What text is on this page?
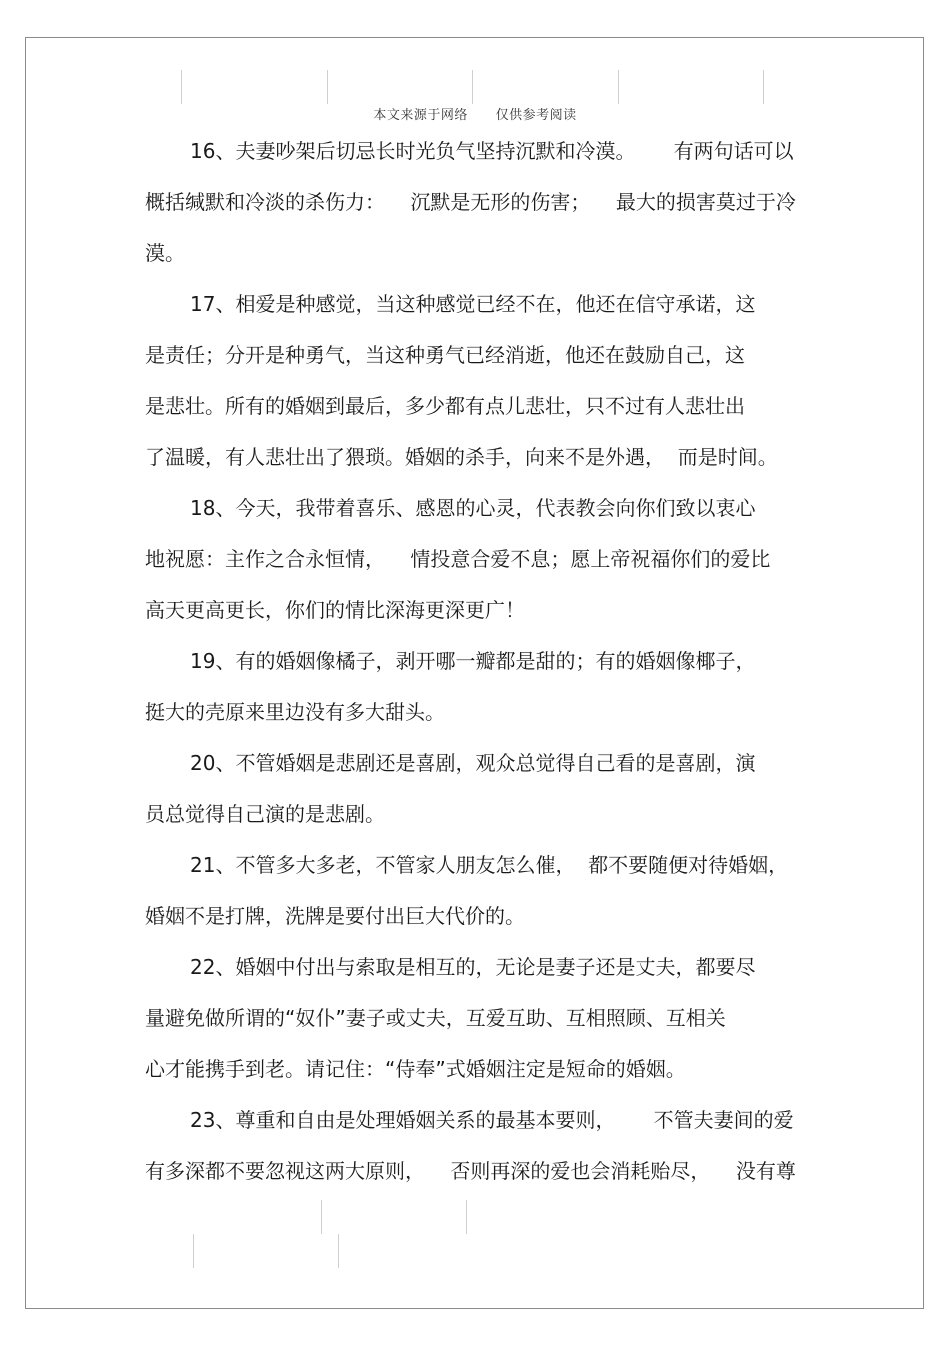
本文来源于网络      仅供参考阅读
16、夫妻吵架后切忌长时光负气坚持沉默和冷漠。      有两句话可以
概括缄默和冷淡的杀伤力：    沉默是无形的伤害；    最大的损害莫过于冷
漠。
17、相爱是种感觉，当这种感觉已经不在，他还在信守承诺，这
是责任；分开是种勇气，当这种勇气已经消逝，他还在鼓励自己，这
是悲壮。所有的婚姻到最后，多少都有点儿悲壮，只不过有人悲壮出
了温暖，有人悲壮出了猥琐。婚姻的杀手，向来不是外遇，  而是时间。
18、今天，我带着喜乐、感恩的心灵，代表教会向你们致以衷心
地祝愿：主作之合永恒情，    情投意合爱不息；愿上帝祝福你们的爱比
高天更高更长，你们的情比深海更深更广！
19、有的婚姻像橘子，剥开哪一瓣都是甜的；有的婚姻像椰子，
挺大的壳原来里边没有多大甜头。
20、不管婚姻是悲剧还是喜剧，观众总觉得自己看的是喜剧，演
员总觉得自己演的是悲剧。
21、不管多大多老，不管家人朋友怎么催，  都不要随便对待婚姻，
婚姻不是打牌，洗牌是要付出巨大代价的。
22、婚姻中付出与索取是相互的，无论是妻子还是丈夫，都要尽
量避免做所谓的“奴仆”妻子或丈夫，互爱互助、互相照顾、互相关
心才能携手到老。请记住：“侍奉”式婚姻注定是短命的婚姻。
23、尊重和自由是处理婚姻关系的最基本要则，      不管夫妻间的爱
有多深都不要忽视这两大原则，    否则再深的爱也会消耗贻尽，    没有尊
